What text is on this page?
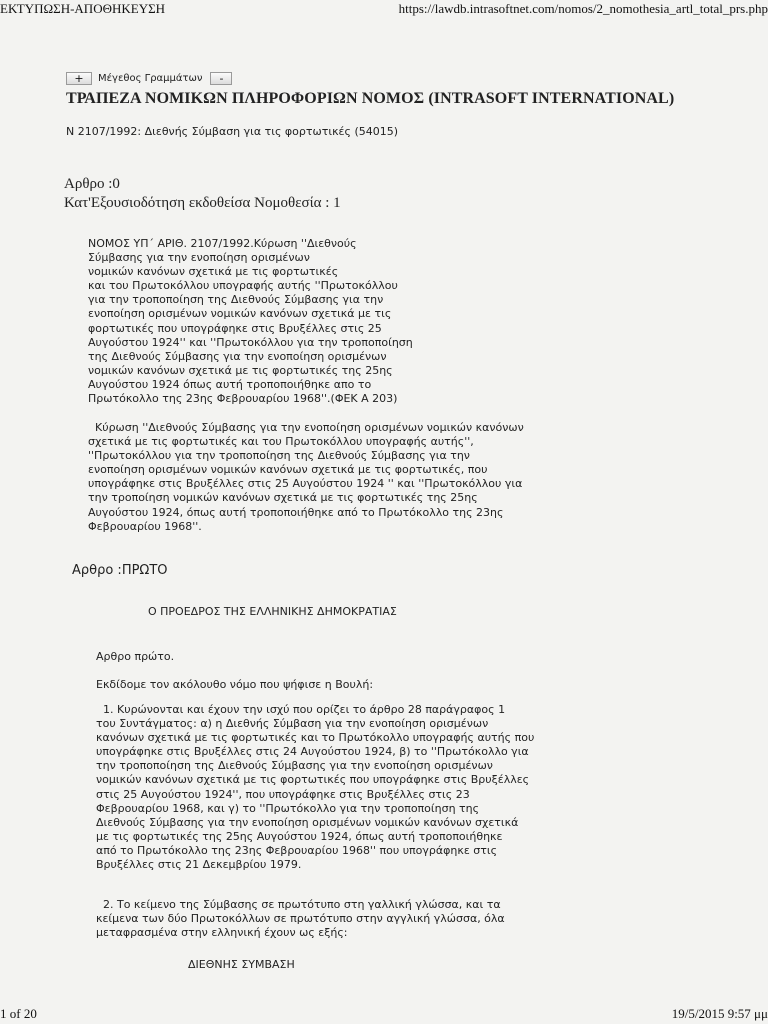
ΕΚΤΥΠΩΣΗ-ΑΠΟΘΗΚΕΥΣΗ	https://lawdb.intrasoftnet.com/nomos/2_nomothesia_artl_total_prs.php
+	Μέγεθος Γραμμάτων	-
ΤΡΑΠΕΖΑ ΝΟΜΙΚΩΝ ΠΛΗΡΟΦΟΡΙΩΝ ΝΟΜΟΣ (INTRASOFT INTERNATIONAL)
Ν 2107/1992: Διεθνής Σύμβαση για τις φορτωτικές (54015)
Αρθρο :0
Κατ'Εξουσιοδότηση εκδοθείσα Νομοθεσία : 1
ΝΟΜΟΣ ΥΠ΄ ΑΡΙΘ. 2107/1992.Κύρωση ''Διεθνούς
Σύμβασης για την ενοποίηση ορισμένων
νομικών κανόνων σχετικά με τις φορτωτικές
και του Πρωτοκόλλου υπογραφής αυτής ''Πρωτοκόλλου
για την τροποποίηση της Διεθνούς Σύμβασης για την
ενοποίηση ορισμένων νομικών κανόνων σχετικά με τις
φορτωτικές που υπογράφηκε στις Βρυξέλλες στις 25
Αυγούστου 1924'' και ''Πρωτοκόλλου για την τροποποίηση
της Διεθνούς Σύμβασης για την ενοποίηση ορισμένων
νομικών κανόνων σχετικά με τις φορτωτικές της 25ης
Αυγούστου 1924 όπως αυτή τροποποιήθηκε απο το
Πρωτόκολλο της 23ης Φεβρουαρίου 1968''.(ΦΕΚ Α 203)
Κύρωση ''Διεθνούς Σύμβασης για την ενοποίηση ορισμένων νομικών κανόνων
σχετικά με τις φορτωτικές και του Πρωτοκόλλου υπογραφής αυτής'',
''Πρωτοκόλλου για την τροποποίηση της Διεθνούς Σύμβασης για την
ενοποίηση ορισμένων νομικών κανόνων σχετικά με τις φορτωτικές, που
υπογράφηκε στις Βρυξέλλες στις 25 Αυγούστου 1924 '' και ''Πρωτοκόλλου για
την τροποίηση νομικών κανόνων σχετικά με τις φορτωτικές της 25ης
Αυγούστου 1924, όπως αυτή τροποποιήθηκε από το Πρωτόκολλο της 23ης
Φεβρουαρίου 1968''.
Αρθρο :ΠΡΩΤΟ
Ο ΠΡΟΕΔΡΟΣ ΤΗΣ ΕΛΛΗΝΙΚΗΣ ΔΗΜΟΚΡΑΤΙΑΣ
Αρθρο πρώτο.
Εκδίδομε τον ακόλουθο νόμο που ψήφισε η Βουλή:
1. Κυρώνονται και έχουν την ισχύ που ορίζει το άρθρο 28 παράγραφος 1
του Συντάγματος: α) η Διεθνής Σύμβαση για την ενοποίηση ορισμένων
κανόνων σχετικά με τις φορτωτικές και το Πρωτόκολλο υπογραφής αυτής που
υπογράφηκε στις Βρυξέλλες στις 24 Αυγούστου 1924, β) το ''Πρωτόκολλο για
την τροποποίηση της Διεθνούς Σύμβασης για την ενοποίηση ορισμένων
νομικών κανόνων σχετικά με τις φορτωτικές που υπογράφηκε στις Βρυξέλλες
στις 25 Αυγούστου 1924'', που υπογράφηκε στις Βρυξέλλες στις 23
Φεβρουαρίου 1968, και γ) το ''Πρωτόκολλο για την τροποποίηση της
Διεθνούς Σύμβασης για την ενοποίηση ορισμένων νομικών κανόνων σχετικά
με τις φορτωτικές της 25ης Αυγούστου 1924, όπως αυτή τροποποιήθηκε
από το Πρωτόκολλο της 23ης Φεβρουαρίου 1968'' που υπογράφηκε στις
Βρυξέλλες στις 21 Δεκεμβρίου 1979.
2. Το κείμενο της Σύμβασης σε πρωτότυπο στη γαλλική γλώσσα, και τα
κείμενα των δύο Πρωτοκόλλων σε πρωτότυπο στην αγγλική γλώσσα, όλα
μεταφρασμένα στην ελληνική έχουν ως εξής:
ΔΙΕΘΝΗΣ ΣΥΜΒΑΣΗ
1 of 20	19/5/2015 9:57 μμ
